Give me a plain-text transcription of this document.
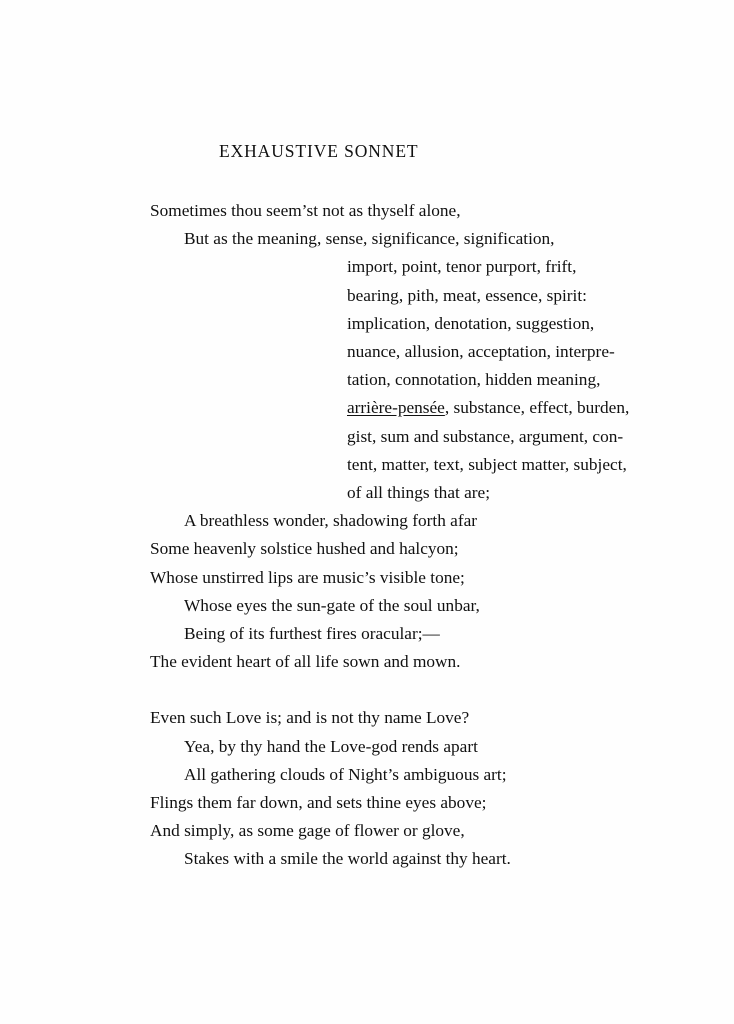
EXHAUSTIVE SONNET
Sometimes thou seem’st not as thyself alone,
But as the meaning, sense, significance, signification,
import, point, tenor purport, frift,
bearing, pith, meat, essence, spirit:
implication, denotation, suggestion,
nuance, allusion, acceptation, interpre-
tation, connotation, hidden meaning,
arrière-pensée, substance, effect, burden,
gist, sum and substance, argument, con-
tent, matter, text, subject matter, subject,
of all things that are;
A breathless wonder, shadowing forth afar
Some heavenly solstice hushed and halcyon;
Whose unstirred lips are music’s visible tone;
Whose eyes the sun-gate of the soul unbar,
Being of its furthest fires oracular;—
The evident heart of all life sown and mown.
Even such Love is; and is not thy name Love?
Yea, by thy hand the Love-god rends apart
All gathering clouds of Night’s ambiguous art;
Flings them far down, and sets thine eyes above;
And simply, as some gage of flower or glove,
Stakes with a smile the world against thy heart.
